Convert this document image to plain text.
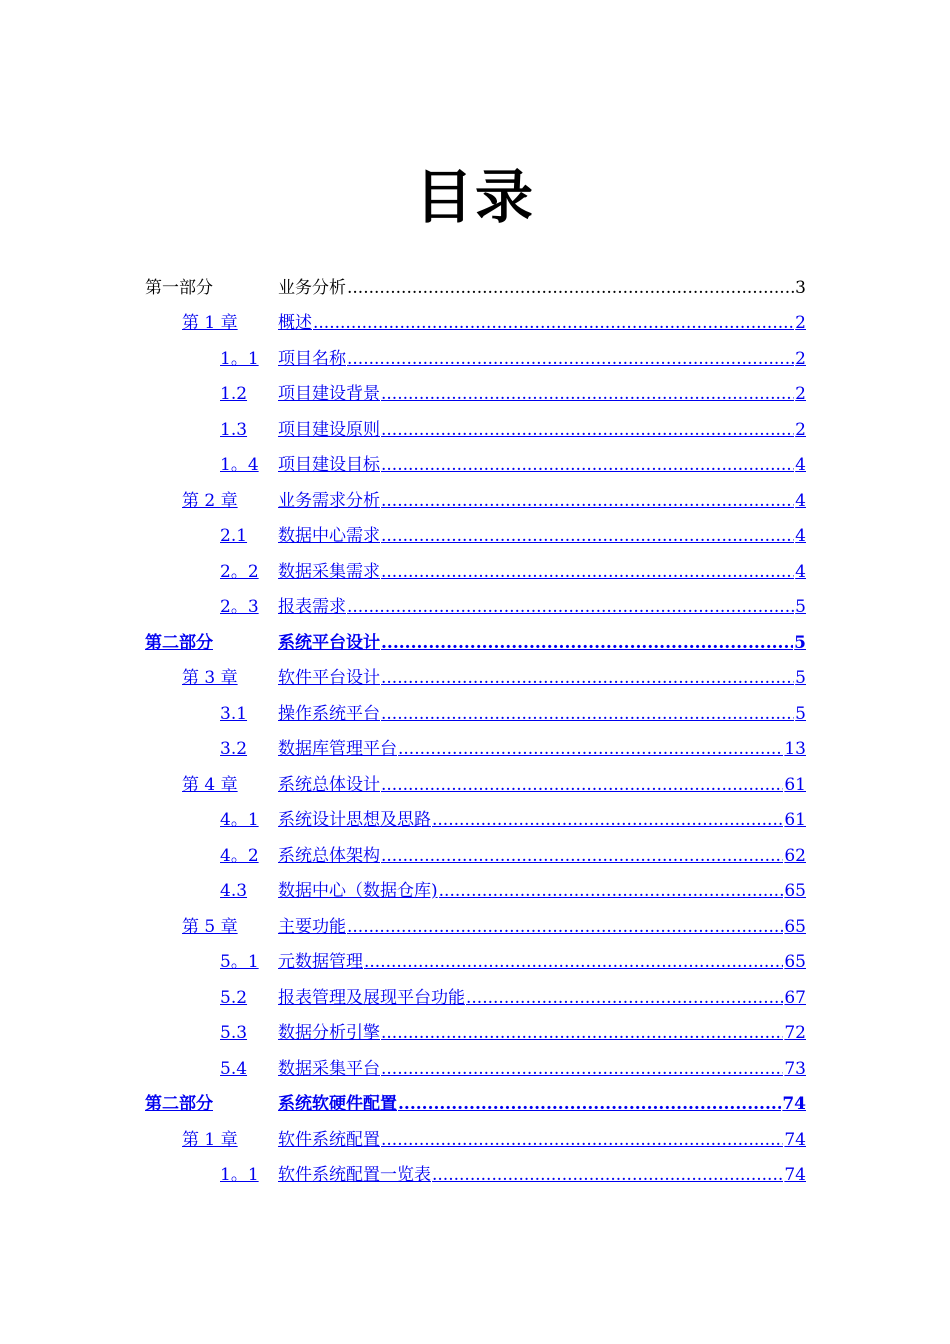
目录
第一部分	业务分析 .....	3
第 1 章 概述 .....	2
1。1 项目名称 .....	2
1.2 项目建设背景 .....	2
1.3 项目建设原则 .....	2
1。4 项目建设目标 .....	4
第 2 章 业务需求分析 .....	4
2.1 数据中心需求 .....	4
2。2 数据采集需求 .....	4
2。3 报表需求 .....	5
第二部分	系统平台设计 .....	5
第 3 章 软件平台设计 .....	5
3.1 操作系统平台 .....	5
3.2 数据库管理平台 .....	13
第 4 章 系统总体设计 .....	61
4。1 系统设计思想及思路 .....	61
4。2 系统总体架构 .....	62
4.3 数据中心（数据仓库) .....	65
第 5 章 主要功能 .....	65
5。1 元数据管理 .....	65
5.2 报表管理及展现平台功能 .....	67
5.3 数据分析引擎 .....	72
5.4 数据采集平台 .....	73
第二部分	系统软硬件配置 .....	74
第 1 章 软件系统配置 .....	74
1。1 软件系统配置一览表 .....	74
